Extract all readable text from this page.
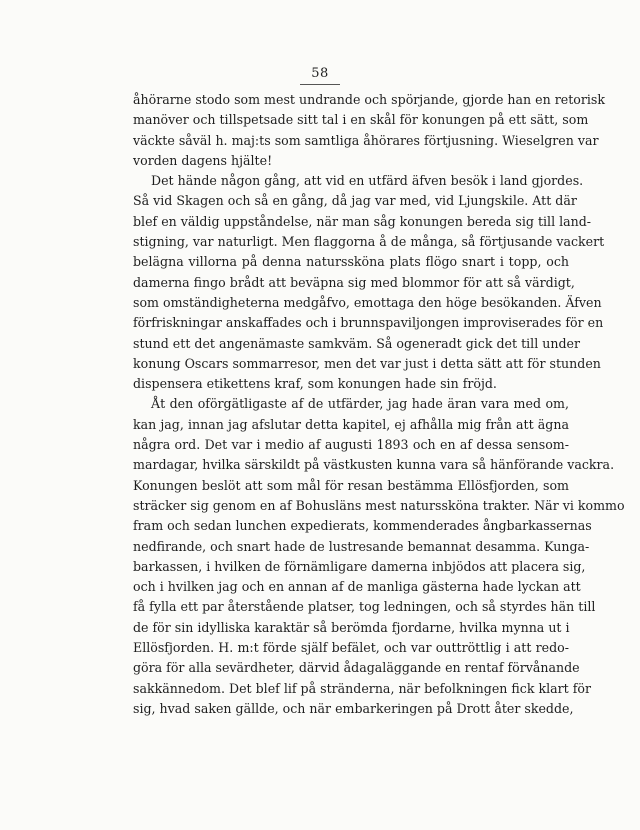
58
åhörarne stodo som mest undrande och spörjande, gjorde han en retorisk
manöver och tillspetsade sitt tal i en skål för konungen på ett sätt, som
väckte såväl h. maj:ts som samtliga åhörares förtjusning. Wieselgren var
vorden dagens hjälte!
Det hände någon gång, att vid en utfärd äfven besök i land gjordes.
Så vid Skagen och så en gång, då jag var med, vid Ljungskile. Att där
blef en väldig uppståndelse, när man såg konungen bereda sig till land-
stigning, var naturligt. Men flaggorna å de många, så förtjusande vackert
belägna villorna på denna naturssköna plats flögo snart i topp, och
damerna fingo brådt att beväpna sig med blommor för att så värdigt,
som omständigheterna medgåfvo, emottaga den höge besökanden. Äfven
förfriskningar anskaffades och i brunnspaviljongen improviserades för en
stund ett det angenämaste samkväm. Så ogeneradt gick det till under
konung Oscars sommarresor, men det var just i detta sätt att för stunden
dispensera etikettens kraf, som konungen hade sin fröjd.
Åt den oförgätligaste af de utfärder, jag hade äran vara med om,
kan jag, innan jag afslutar detta kapitel, ej afhålla mig från att ägna
några ord. Det var i medio af augusti 1893 och en af dessa sensom-
mardagar, hvilka särskildt på västkusten kunna vara så hänförande vackra.
Konungen beslöt att som mål för resan bestämma Ellösfjorden, som
sträcker sig genom en af Bohusläns mest naturssköna trakter. När vi kommo
fram och sedan lunchen expedierats, kommenderades ångbarkassernas
nedfirande, och snart hade de lustresande bemannat desamma. Kunga-
barkassen, i hvilken de förnämligare damerna inbjödos att placera sig,
och i hvilken jag och en annan af de manliga gästerna hade lyckan att
få fylla ett par återstående platser, tog ledningen, och så styrdes hän till
de för sin idylliska karaktär så berömda fjordarne, hvilka mynna ut i
Ellösfjorden. H. m:t förde själf befälet, och var outtröttlig i att redo-
göra för alla sevärdheter, därvid ådagaläggande en rentaf förvånande
sakkännedom. Det blef lif på stränderna, när befolkningen fick klart för
sig, hvad saken gällde, och när embarkeringen på Drott åter skedde,
